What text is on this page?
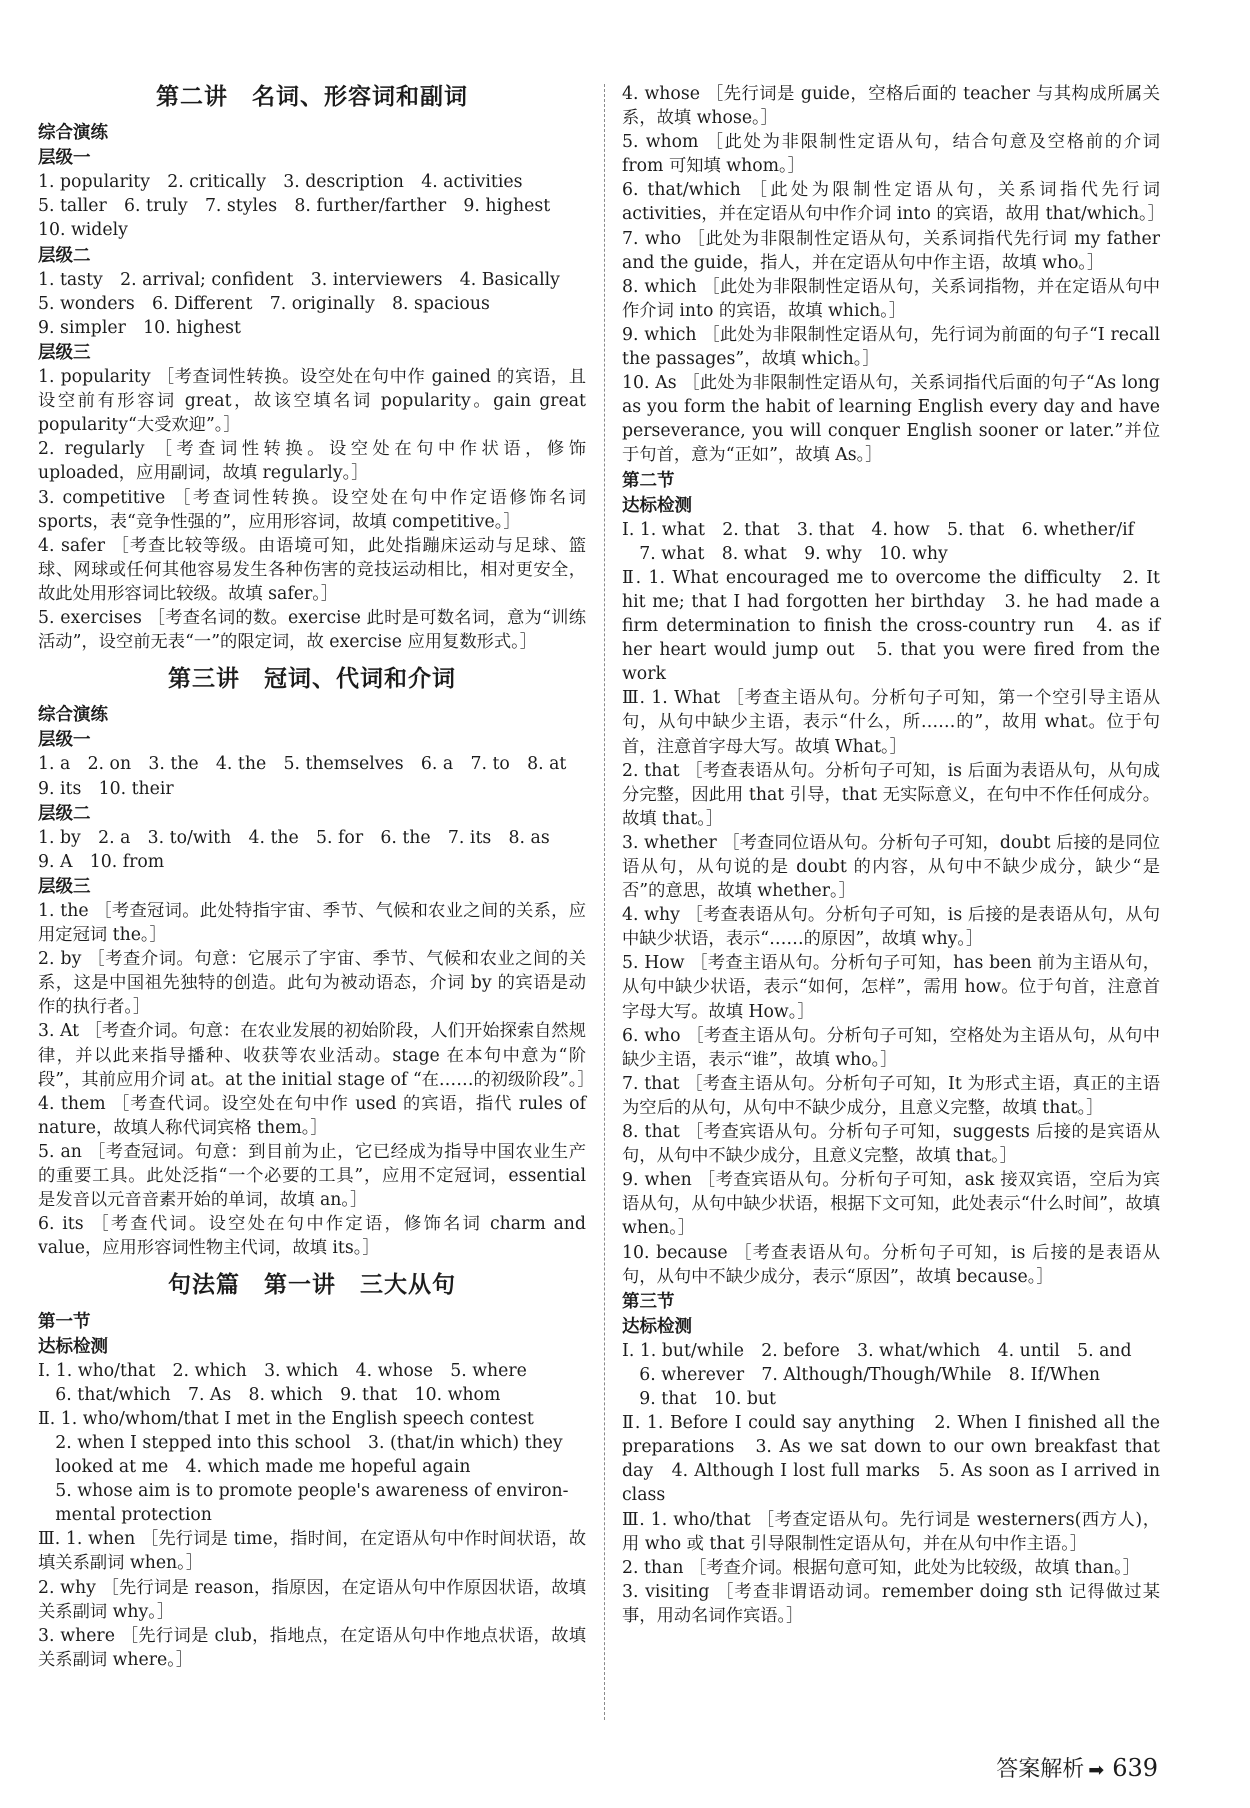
第二讲　名词、形容词和副词
综合演练
层级一
1. popularity　2. critically　3. description　4. activities
5. taller　6. truly　7. styles　8. further/farther　9. highest
10. widely
层级二
1. tasty　2. arrival; confident　3. interviewers　4. Basically
5. wonders　6. Different　7. originally　8. spacious
9. simpler　10. highest
层级三
1. popularity ［考查词性转换。设空处在句中作 gained 的宾语，且设空前有形容词 great，故该空填名词 popularity。gain great popularity“大受欢迎”。］
2. regularly ［考查词性转换。设空处在句中作状语，修饰 uploaded，应用副词，故填 regularly。］
3. competitive ［考查词性转换。设空处在句中作定语修饰名词 sports，表“竞争性强的”，应用形容词，故填 competitive。］
4. safer ［考查比较等级。由语境可知，此处指蹦床运动与足球、篮球、网球或任何其他容易发生各种伤害的竞技运动相比，相对更安全，故此处用形容词比较级。故填 safer。］
5. exercises ［考查名词的数。exercise 此时是可数名词，意为“训练活动”，设空前无表“一”的限定词，故 exercise 应用复数形式。］
第三讲　冠词、代词和介词
综合演练
层级一
1. a　2. on　3. the　4. the　5. themselves　6. a　7. to　8. at
9. its　10. their
层级二
1. by　2. a　3. to/with　4. the　5. for　6. the　7. its　8. as
9. A　10. from
层级三
1. the ［考查冠词。此处特指宇宙、季节、气候和农业之间的关系，应用定冠词 the。］
2. by ［考查介词。句意：它展示了宇宙、季节、气候和农业之间的关系，这是中国祖先独特的创造。此句为被动语态，介词 by 的宾语是动作的执行者。］
3. At ［考查介词。句意：在农业发展的初始阶段，人们开始探索自然规律，并以此来指导播种、收获等农业活动。stage 在本句中意为“阶段”，其前应用介词 at。at the initial stage of “在……的初级阶段”。］
4. them ［考查代词。设空处在句中作 used 的宾语，指代 rules of nature，故填人称代词宾格 them。］
5. an ［考查冠词。句意：到目前为止，它已经成为指导中国农业生产的重要工具。此处泛指“一个必要的工具”，应用不定冠词，essential 是发音以元音音素开始的单词，故填 an。］
6. its ［考查代词。设空处在句中作定语，修饰名词 charm and value，应用形容词性物主代词，故填 its。］
句法篇　第一讲　三大从句
第一节
达标检测
Ⅰ. 1. who/that　2. which　3. which　4. whose　5. where
　6. that/which　7. As　8. which　9. that　10. whom
Ⅱ. 1. who/whom/that I met in the English speech contest
　2. when I stepped into this school　3. (that/in which) they
　looked at me　4. which made me hopeful again
　5. whose aim is to promote people's awareness of environ-
　mental protection
Ⅲ. 1. when ［先行词是 time，指时间，在定语从句中作时间状语，故填关系副词 when。］
2. why ［先行词是 reason，指原因，在定语从句中作原因状语，故填关系副词 why。］
3. where ［先行词是 club，指地点，在定语从句中作地点状语，故填关系副词 where。］
4. whose ［先行词是 guide，空格后面的 teacher 与其构成所属关系，故填 whose。］
5. whom ［此处为非限制性定语从句，结合句意及空格前的介词 from 可知填 whom。］
6. that/which ［此处为限制性定语从句，关系词指代先行词 activities，并在定语从句中作介词 into 的宾语，故用 that/which。］
7. who ［此处为非限制性定语从句，关系词指代先行词 my father and the guide，指人，并在定语从句中作主语，故填 who。］
8. which ［此处为非限制性定语从句，关系词指物，并在定语从句中作介词 into 的宾语，故填 which。］
9. which ［此处为非限制性定语从句，先行词为前面的句子“I recall the passages”，故填 which。］
10. As ［此处为非限制性定语从句，关系词指代后面的句子“As long as you form the habit of learning English every day and have perseverance, you will conquer English sooner or later.”并位于句首，意为“正如”，故填 As。］
第二节
达标检测
Ⅰ. 1. what　2. that　3. that　4. how　5. that　6. whether/if
　7. what　8. what　9. why　10. why
Ⅱ. 1. What encouraged me to overcome the difficulty　2. It hit me; that I had forgotten her birthday　3. he had made a firm determination to finish the cross-country run　4. as if her heart would jump out　5. that you were fired from the work
Ⅲ. 1. What ［考查主语从句。分析句子可知，第一个空引导主语从句，从句中缺少主语，表示“什么，所……的”，故用 what。位于句首，注意首字母大写。故填 What。］
2. that ［考查表语从句。分析句子可知，is 后面为表语从句，从句成分完整，因此用 that 引导，that 无实际意义，在句中不作任何成分。故填 that。］
3. whether ［考查同位语从句。分析句子可知，doubt 后接的是同位语从句，从句说的是 doubt 的内容，从句中不缺少成分，缺少“是否”的意思，故填 whether。］
4. why ［考查表语从句。分析句子可知，is 后接的是表语从句，从句中缺少状语，表示“……的原因”，故填 why。］
5. How ［考查主语从句。分析句子可知，has been 前为主语从句，从句中缺少状语，表示“如何，怎样”，需用 how。位于句首，注意首字母大写。故填 How。］
6. who ［考查主语从句。分析句子可知，空格处为主语从句，从句中缺少主语，表示“谁”，故填 who。］
7. that ［考查主语从句。分析句子可知，It 为形式主语，真正的主语为空后的从句，从句中不缺少成分，且意义完整，故填 that。］
8. that ［考查宾语从句。分析句子可知，suggests 后接的是宾语从句，从句中不缺少成分，且意义完整，故填 that。］
9. when ［考查宾语从句。分析句子可知，ask 接双宾语，空后为宾语从句，从句中缺少状语，根据下文可知，此处表示“什么时间”，故填 when。］
10. because ［考查表语从句。分析句子可知，is 后接的是表语从句，从句中不缺少成分，表示“原因”，故填 because。］
第三节
达标检测
Ⅰ. 1. but/while　2. before　3. what/which　4. until　5. and
　6. wherever　7. Although/Though/While　8. If/When
　9. that　10. but
Ⅱ. 1. Before I could say anything　2. When I finished all the preparations　3. As we sat down to our own breakfast that day　4. Although I lost full marks　5. As soon as I arrived in class
Ⅲ. 1. who/that ［考查定语从句。先行词是 westerners(西方人)，用 who 或 that 引导限制性定语从句，并在从句中作主语。］
2. than ［考查介词。根据句意可知，此处为比较级，故填 than。］
3. visiting ［考查非谓语动词。remember doing sth 记得做过某事，用动名词作宾语。］
答案解析 ➡ 639
